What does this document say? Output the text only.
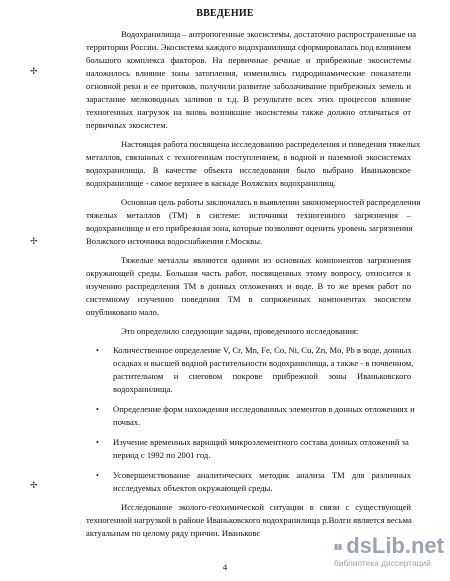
ВВЕДЕНИЕ
Водохранилища – антропогенные экосистемы, достаточно распространенные на
территории России. Экосистема каждого водохранилища сформировалась под влиянием
большого комплекса факторов. На первичные речные и прибрежные экосистемы
наложилось влияние зоны затопления, изменились гидродинамические показатели
основной реки и ее притоков, получили развитие заболачивание прибрежных земель и
зарастание мелководных заливов и т.д. В результате всех этих процессов влияние
техногенных нагрузок на вновь возникшие экосистемы также должно отличаться от
первичных экосистем.
Настоящая работа посвящена исследованию распределения и поведения тяжелых
металлов, связанных с техногенным поступлением, в водной и наземной экосистемах
водохранилища. В качестве объекта исследования было выбрано Иваньковское
водохранилище - самое верхнее в каскаде Волжских водохранилищ.
Основная цель работы заключалась в выявлении закономерностей распределения
тяжелых металлов (ТМ) в системе: источники техногенного загрязнения –
водохранилище и его прибрежная зона, которые позволяют оценить уровень загрязнения
Волжского источника водоснабжения г.Москвы.
Тяжелые металлы являются одними из основных компонентов загрязнения
окружающей среды. Большая часть работ, посвященных этому вопросу, относится к
изучению распределения ТМ в донных отложениях и воде. В то же время работ по
системному изучению поведения ТМ в сопряженных компонентах экосистем
опубликовано мало.
Это определило следующие задачи, проведенного исследования:
• Количественное определение V, Cr, Mn, Fe, Co, Ni, Cu, Zn, Mo, Pb в воде, донных
осадках и высшей водной растительности водохранилища, а также - в почвенном,
растительном и снеговом покрове прибрежной зоны Иваньковского
водохранилища.
• Определение форм нахождения исследованных элементов в донных отложениях и
почвах.
• Изучение временных вариаций микроэлементного состава донных отложений за
период с 1992 по 2001 год.
• Усовершенствование аналитических методик анализа ТМ для различных
исследуемых объектов окружающей среды.
Исследование эколого-геохимической ситуации в связи с существующей
техногенной нагрузкой в районе Иваньковского водохранилища р.Волги является весьма
актуальным по целому ряду причин. Иваньковс
✢
✢
✢
4
dsLib.net
библиотека диссертаций
